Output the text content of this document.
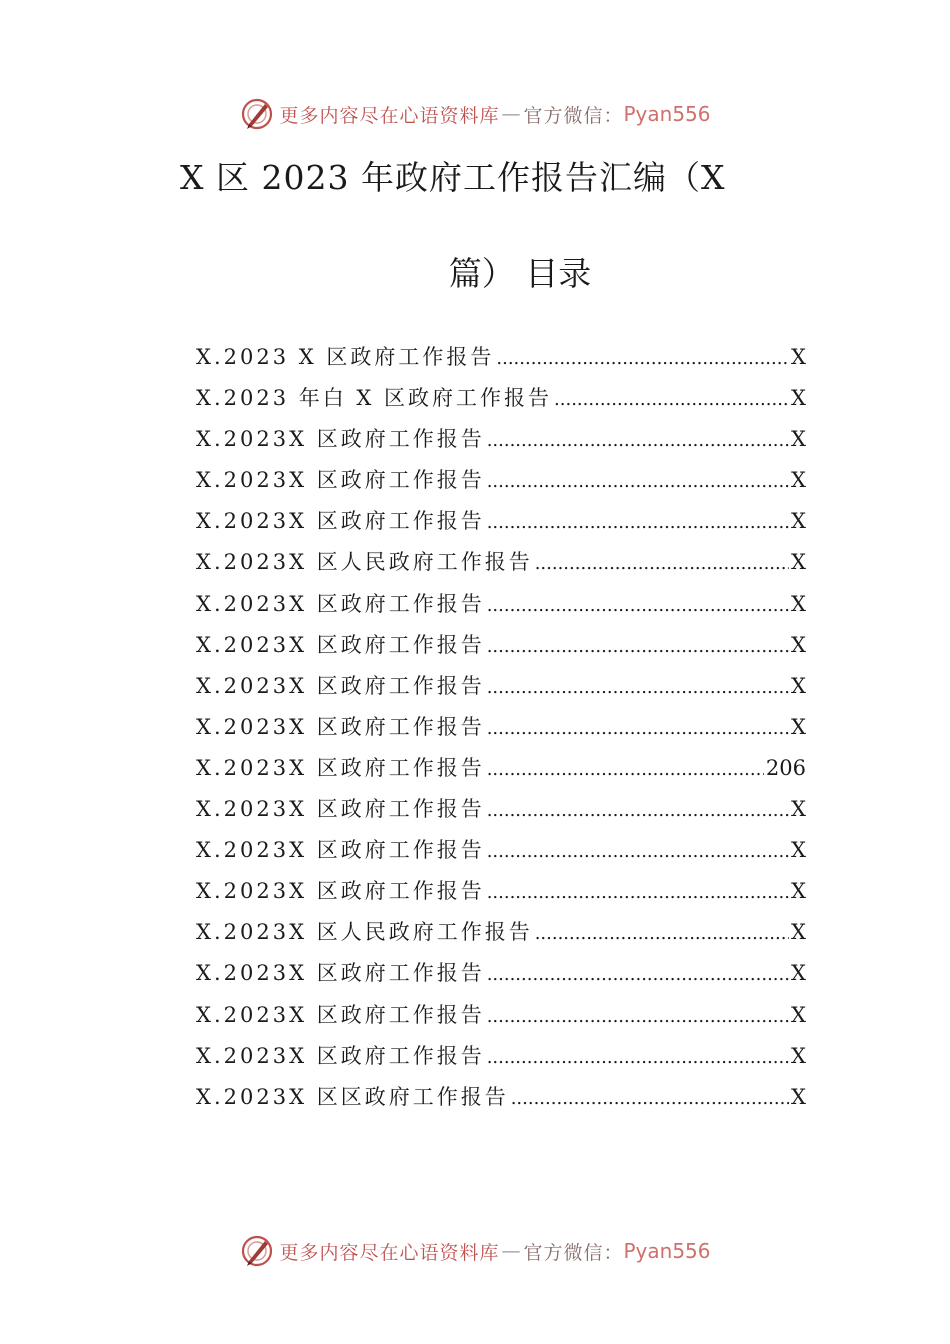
更多内容尽在心语资料库 — 官方微信： Pyan556
X 区 2023 年政府工作报告汇编（X
篇） 目录
X.2023 X 区政府工作报告 .....	X
X.2023 年白 X 区政府工作报告 .....	X
X.2023X 区政府工作报告 .....	X
X.2023X 区政府工作报告 .....	X
X.2023X 区政府工作报告 .....	X
X.2023X 区人民政府工作报告 .....	X
X.2023X 区政府工作报告 .....	X
X.2023X 区政府工作报告 .....	X
X.2023X 区政府工作报告 .....	X
X.2023X 区政府工作报告 .....	X
X.2023X 区政府工作报告 .....	206
X.2023X 区政府工作报告 .....	X
X.2023X 区政府工作报告 .....	X
X.2023X 区政府工作报告 .....	X
X.2023X 区人民政府工作报告 .....	X
X.2023X 区政府工作报告 .....	X
X.2023X 区政府工作报告 .....	X
X.2023X 区政府工作报告 .....	X
X.2023X 区区政府工作报告 .....	X
更多内容尽在心语资料库 — 官方微信： Pyan556
